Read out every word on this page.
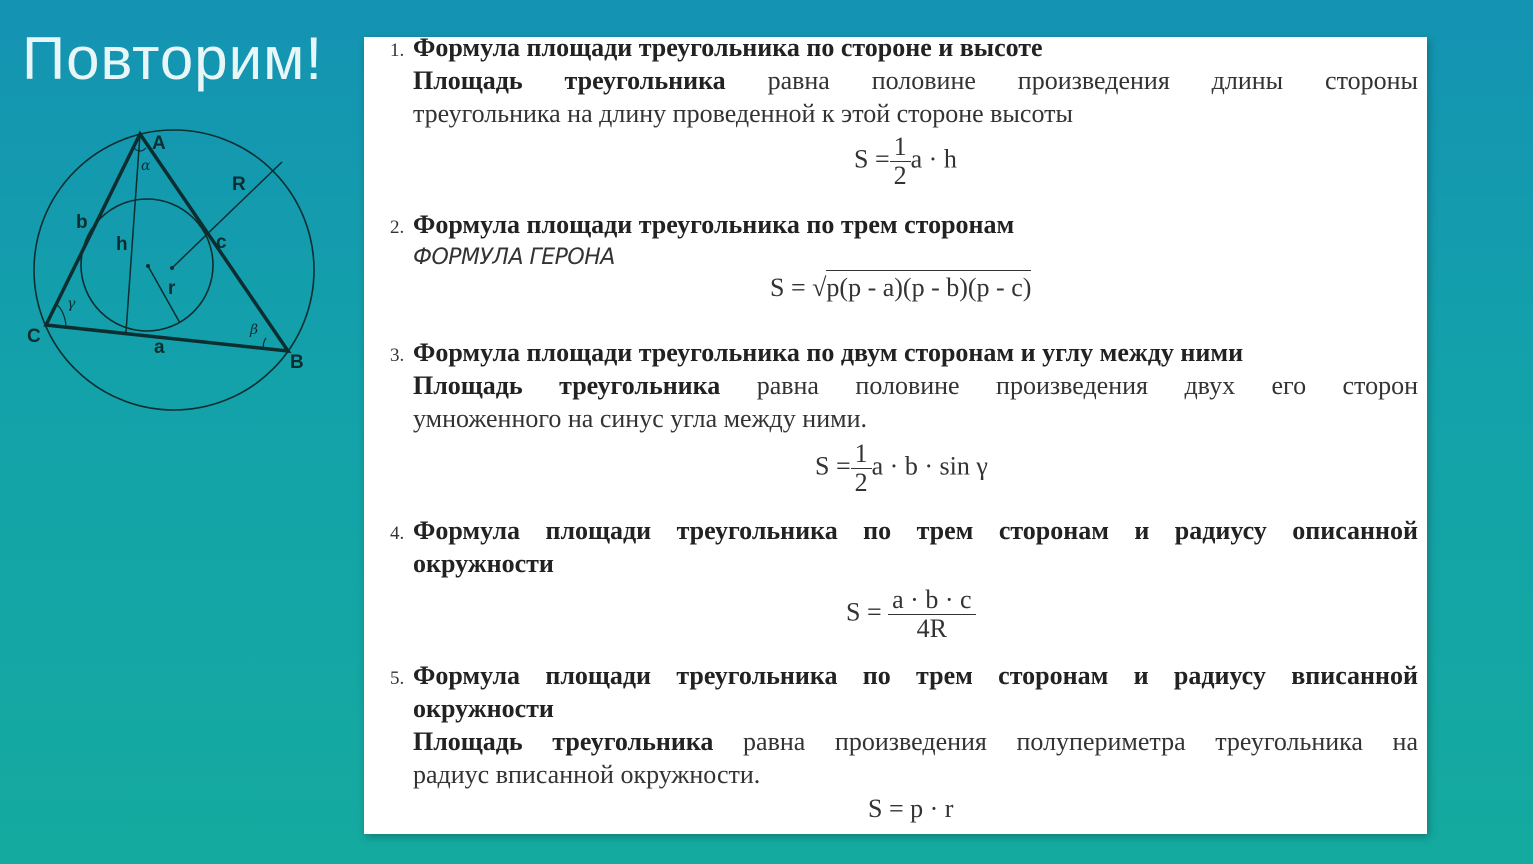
Повторим!
A
B
C
a
b
c
h
R
r
α
γ
β
1. Формула площади треугольника по стороне и высоте
Площадь треугольника равна половине произведения длины стороны
треугольника на длину проведенной к этой стороне высоты
$S = \frac{1}{2}$ a · h
2. Формула площади треугольника по трем сторонам
ФОРМУЛА ГЕРОНА
S = √p(p - a)(p - b)(p - c)
3. Формула площади треугольника по двум сторонам и углу между ними
Площадь треугольника равна половине произведения двух его сторон
умноженного на синус угла между ними.
$S = \frac{1}{2}$ a · b · sin γ
4. Формула площади треугольника по трем сторонам и радиусу описанной
окружности
$S = \frac{a \cdot b \cdot c}{4R}$
5. Формула площади треугольника по трем сторонам и радиусу вписанной
окружности
Площадь треугольника равна произведения полупериметра треугольника на
радиус вписанной окружности.
S = p · r
